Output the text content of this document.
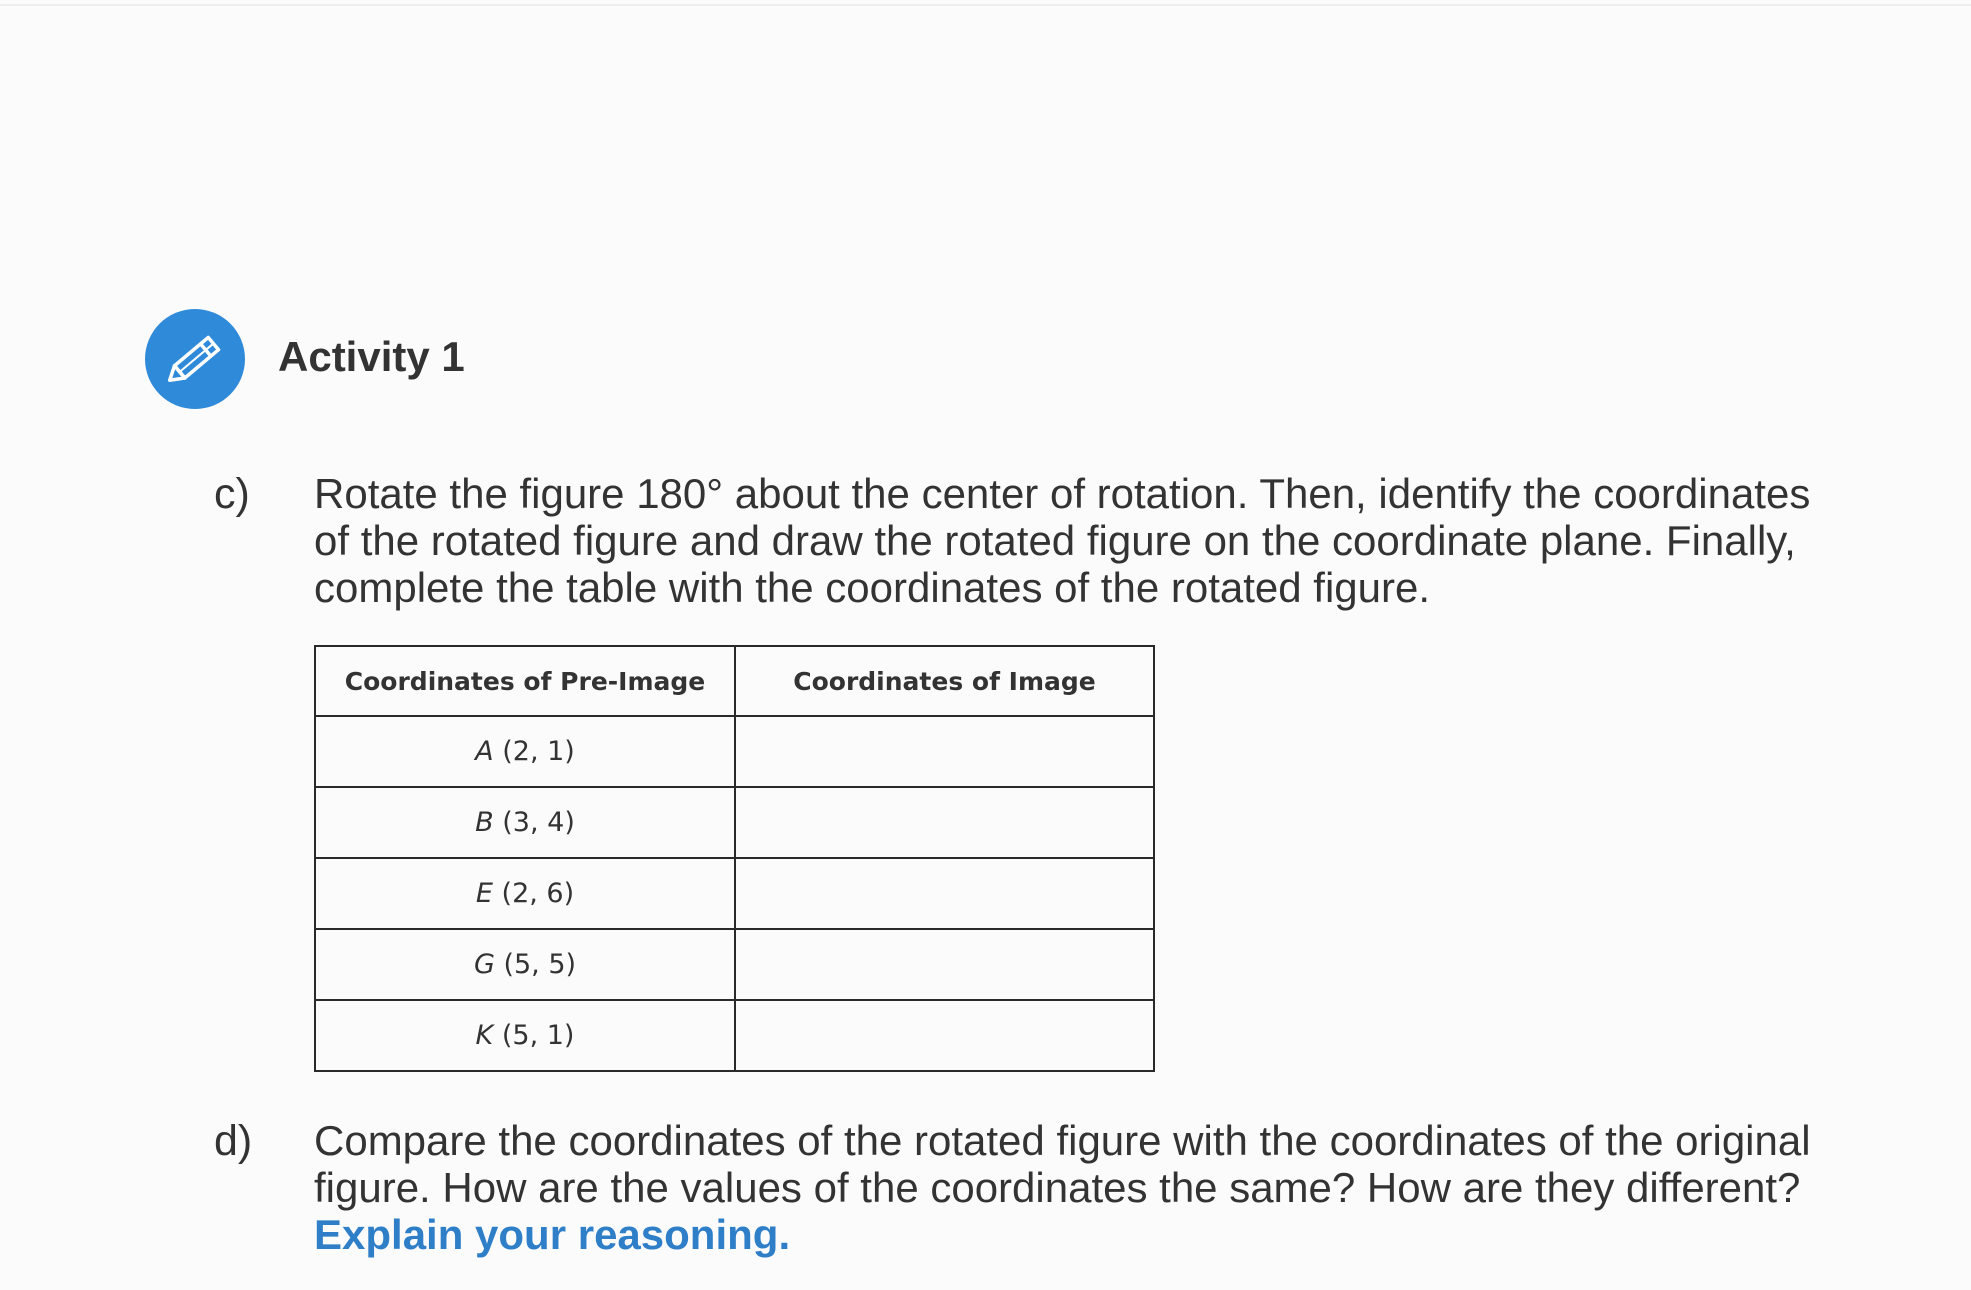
Activity 1
c) Rotate the figure 180° about the center of rotation. Then, identify the coordinates
of the rotated figure and draw the rotated figure on the coordinate plane. Finally,
complete the table with the coordinates of the rotated figure.
Coordinates of Pre-Image	Coordinates of Image
A (2, 1)	
B (3, 4)	
E (2, 6)	
G (5, 5)	
K (5, 1)	
d) Compare the coordinates of the rotated figure with the coordinates of the original
figure. How are the values of the coordinates the same? How are they different?
Explain your reasoning.
